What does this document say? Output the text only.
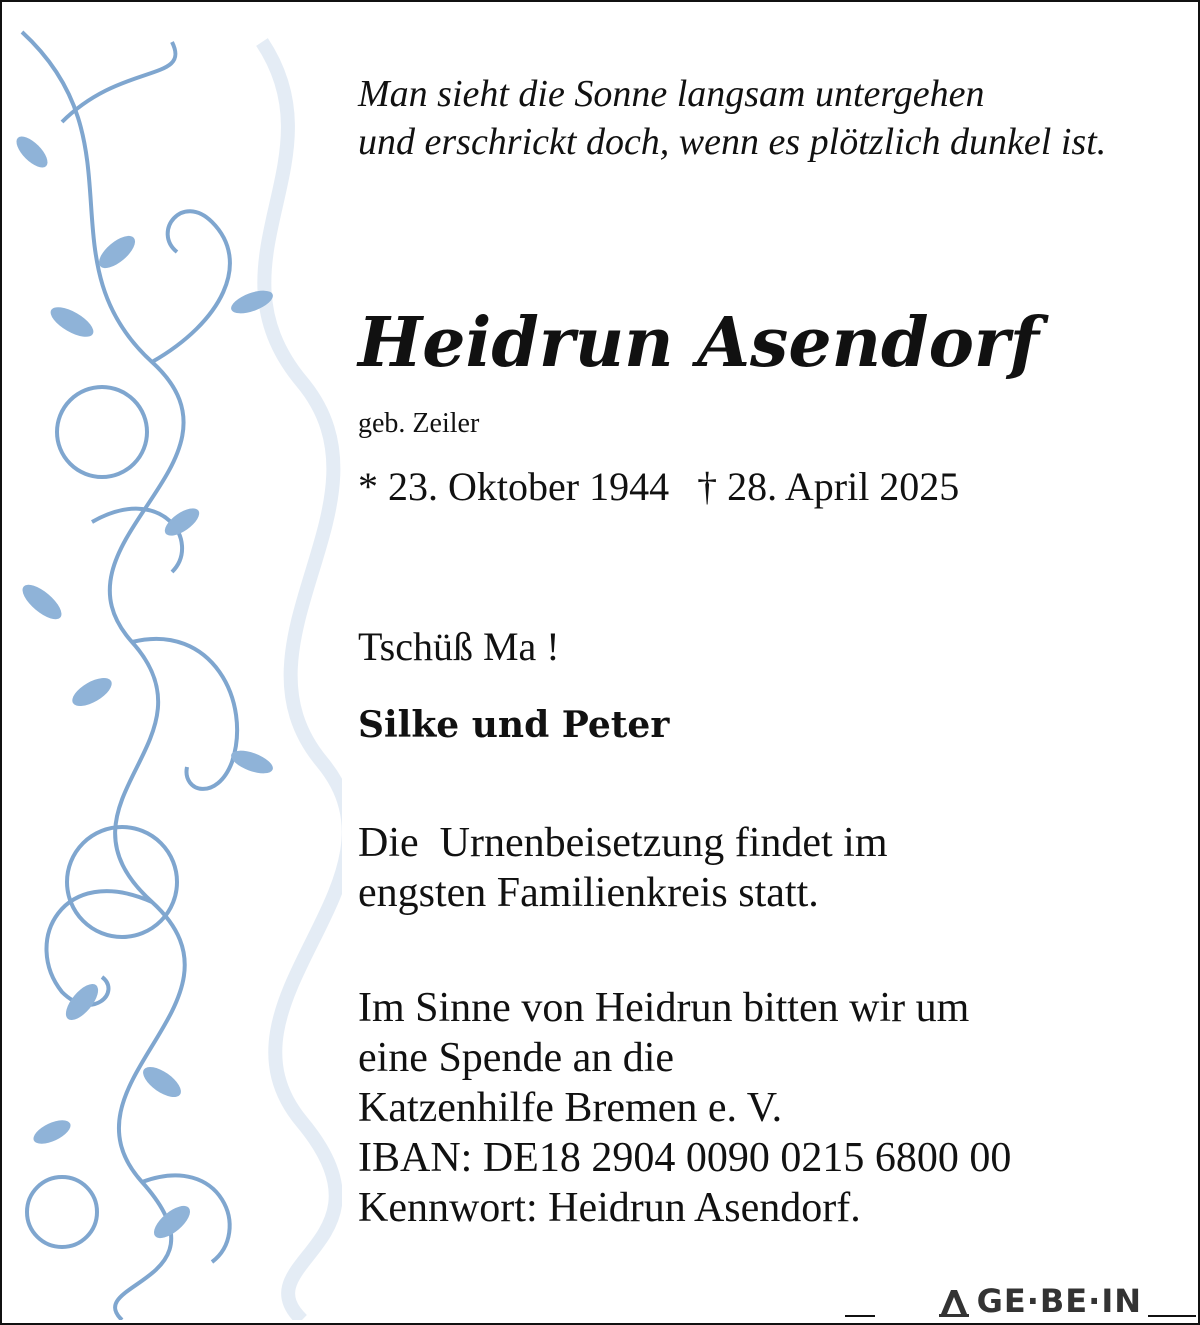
Man sieht die Sonne langsam untergehen
und erschrickt doch, wenn es plötzlich dunkel ist.
Heidrun Asendorf
geb. Zeiler
* 23. Oktober 1944 † 28. April 2025
Tschüß Ma !
Silke und Peter
Die  Urnenbeisetzung findet im
engsten Familienkreis statt.
Im Sinne von Heidrun bitten wir um
eine Spende an die
Katzenhilfe Bremen e. V.
IBAN: DE18 2904 0090 0215 6800 00
Kennwort: Heidrun Asendorf.
GE·BE·IN
